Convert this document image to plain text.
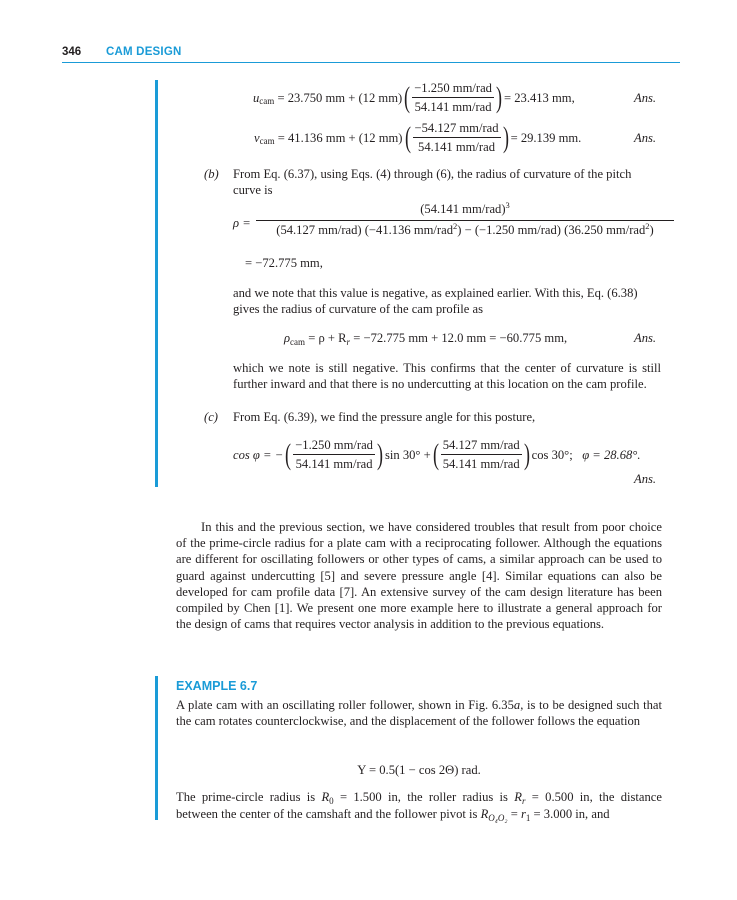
346 CAM DESIGN
u cam
= 23.750 mm + (12 mm) ( $\frac{\text{−1.250 mm/rad}}{\text{54.141 mm/rad}}$ ) = 23.413 mm,	Ans.
v cam
= 41.136 mm + (12 mm) ( $\frac{\text{−54.127 mm/rad}}{\text{54.141 mm/rad}}$ ) = 29.139 mm.	Ans.
(b) From Eq. (6.37), using Eqs. (4) through (6), the radius of curvature of the pitch
curve is
ρ =
(54.141 mm/rad)$^3$
(54.127 mm/rad) (−41.136 mm/rad$^2$) − (−1.250 mm/rad) (36.250 mm/rad$^2$)
= −72.775 mm,
and we note that this value is negative, as explained earlier. With this, Eq. (6.38)
gives the radius of curvature of the cam profile as
$\rho_{cam} = \rho + R_r = -72.775$ mm + 12.0 mm = −60.775 mm,	Ans.
which we note is still negative. This confirms that the center of curvature is still further inward and that there is no undercutting at this location on the cam profile.
(c) From Eq. (6.39), we find the pressure angle for this posture,
cos φ = − ( $\frac{\text{−1.250 mm/rad}}{\text{54.141 mm/rad}}$ ) sin 30° + ( $\frac{\text{54.127 mm/rad}}{\text{54.141 mm/rad}}$ ) cos 30°;
φ = 28.68°.
Ans.
In this and the previous section, we have considered troubles that result from poor choice of the prime-circle radius for a plate cam with a reciprocating follower. Although the equations are different for oscillating followers or other types of cams, a similar approach can be used to guard against undercutting [5] and severe pressure angle [4]. Similar equations can also be developed for cam profile data [7]. An extensive survey of the cam design literature has been compiled by Chen [1]. We present one more example here to illustrate a general approach for the design of cams that requires vector analysis in addition to the previous equations.
EXAMPLE 6.7
A plate cam with an oscillating roller follower, shown in Fig. 6.35a, is to be designed such that the cam rotates counterclockwise, and the displacement of the follower follows the equation
Y = 0.5(1 − cos 2Θ) rad.
The prime-circle radius is $R_0 = 1.500$ in, the roller radius is $R_r = 0.500$ in, the distance
between the center of the camshaft and the follower pivot is $R_{O_4O_2} = r_1 = 3.000$ in, and
